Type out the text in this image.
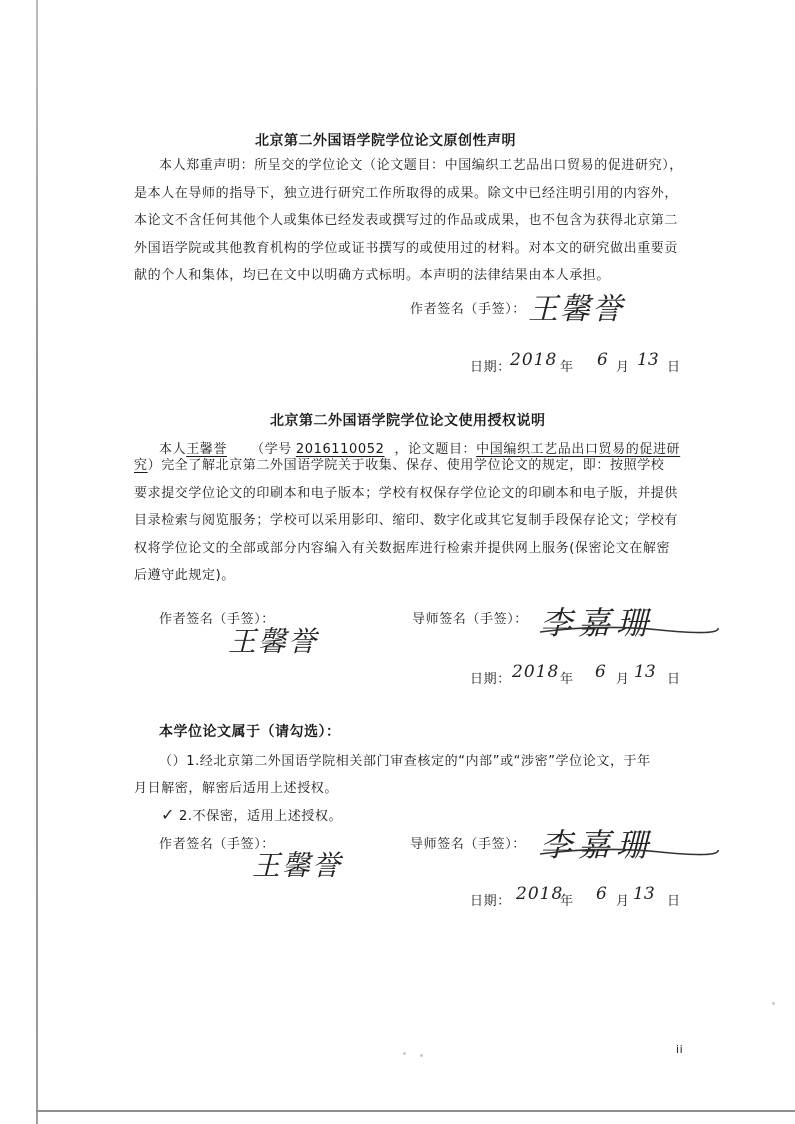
北京第二外国语学院学位论文原创性声明
本人郑重声明：所呈交的学位论文（论文题目：中国编织工艺品出口贸易的促进研究），
是本人在导师的指导下，独立进行研究工作所取得的成果。除文中已经注明引用的内容外，
本论文不含任何其他个人或集体已经发表或撰写过的作品或成果，也不包含为获得北京第二
外国语学院或其他教育机构的学位或证书撰写的或使用过的材料。对本文的研究做出重要贡
献的个人和集体，均已在文中以明确方式标明。本声明的法律结果由本人承担。
作者签名（手签）： 王馨誉
日期： 2018 年 6 月 13 日
北京第二外国语学院学位论文使用授权说明
本人王馨誉 （学号 2016110052 ，论文题目：中国编织工艺品出口贸易的促进研
究）完全了解北京第二外国语学院关于收集、保存、使用学位论文的规定，即：按照学校
要求提交学位论文的印刷本和电子版本；学校有权保存学位论文的印刷本和电子版，并提供
目录检索与阅览服务；学校可以采用影印、缩印、数字化或其它复制手段保存论文；学校有
权将学位论文的全部或部分内容编入有关数据库进行检索并提供网上服务(保密论文在解密
后遵守此规定)。
作者签名（手签）：
王馨誉
导师签名（手签）： 李嘉珊
日期： 2018 年 6 月 13 日
本学位论文属于（请勾选）：
（）1.经北京第二外国语学院相关部门审查核定的“内部”或“涉密”学位论文，于年
月日解密，解密后适用上述授权。
✓ 2.不保密，适用上述授权。
作者签名（手签）：
王馨誉
导师签名（手签）： 李嘉珊
日期： 2018
年 6 月 13 日
ii
